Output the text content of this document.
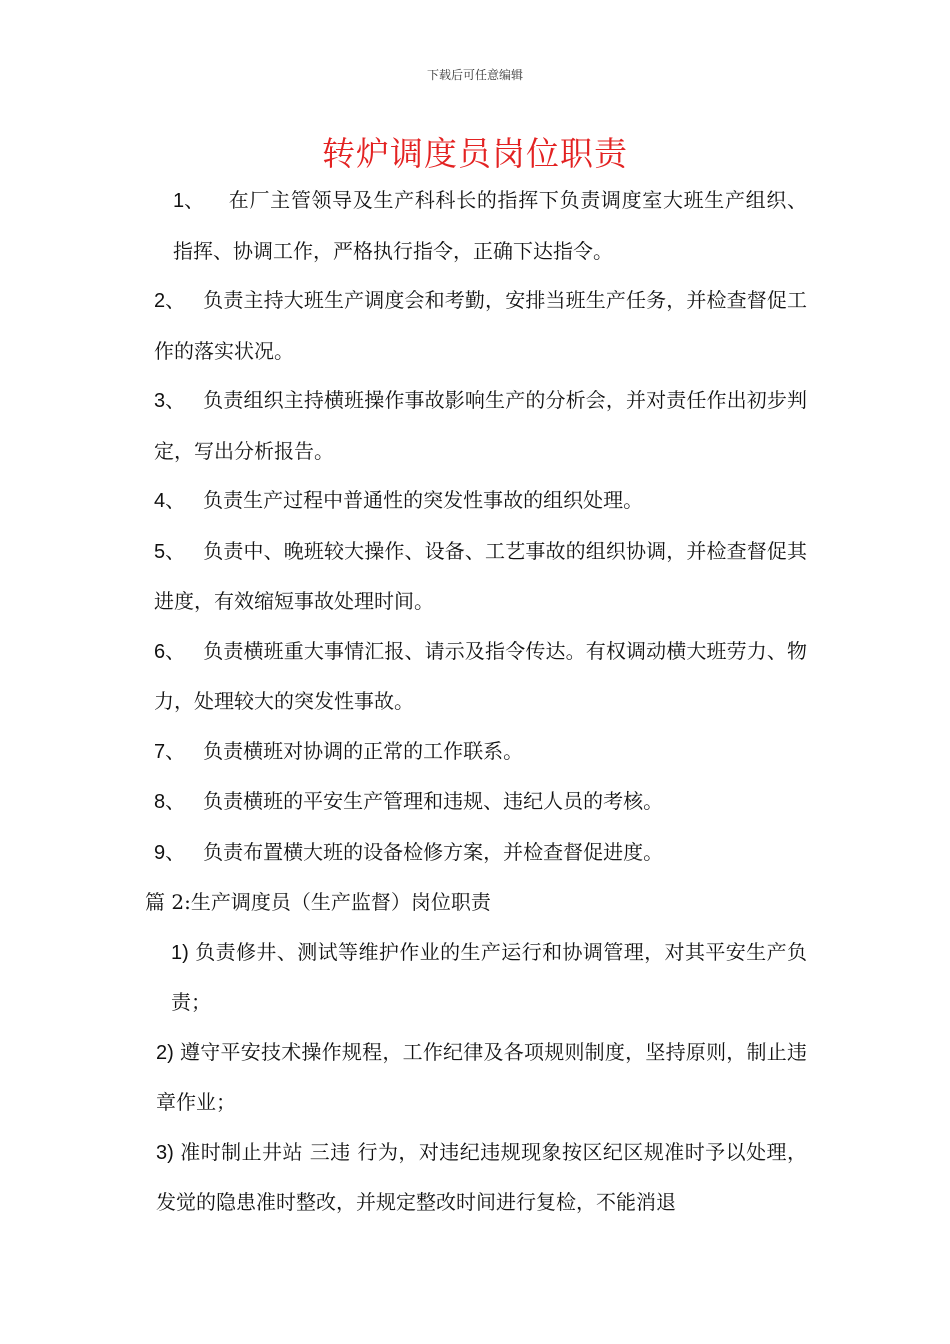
下载后可任意编辑
转炉调度员岗位职责

1、 在厂主管领导及生产科科长的指挥下负责调度室大班生产组织、指挥、协调工作，严格执行指令，正确下达指令。

2、 负责主持大班生产调度会和考勤，安排当班生产任务，并检查督促工作的落实状况。

3、 负责组织主持横班操作事故影响生产的分析会，并对责任作出初步判定，写出分析报告。

4、 负责生产过程中普通性的突发性事故的组织处理。

5、 负责中、晚班较大操作、设备、工艺事故的组织协调，并检查督促其进度，有效缩短事故处理时间。

6、 负责横班重大事情汇报、请示及指令传达。有权调动横大班劳力、物力，处理较大的突发性事故。

7、 负责横班对协调的正常的工作联系。

8、 负责横班的平安生产管理和违规、违纪人员的考核。

9、 负责布置横大班的设备检修方案，并检查督促进度。

篇 2:生产调度员（生产监督）岗位职责

1) 负责修井、测试等维护作业的生产运行和协调管理，对其平安生产负责；

2) 遵守平安技术操作规程，工作纪律及各项规则制度，坚持原则，制止违章作业；

3) 准时制止井站 三违 行为，对违纪违规现象按区纪区规准时予以处理，发觉的隐患准时整改，并规定整改时间进行复检，不能消退
